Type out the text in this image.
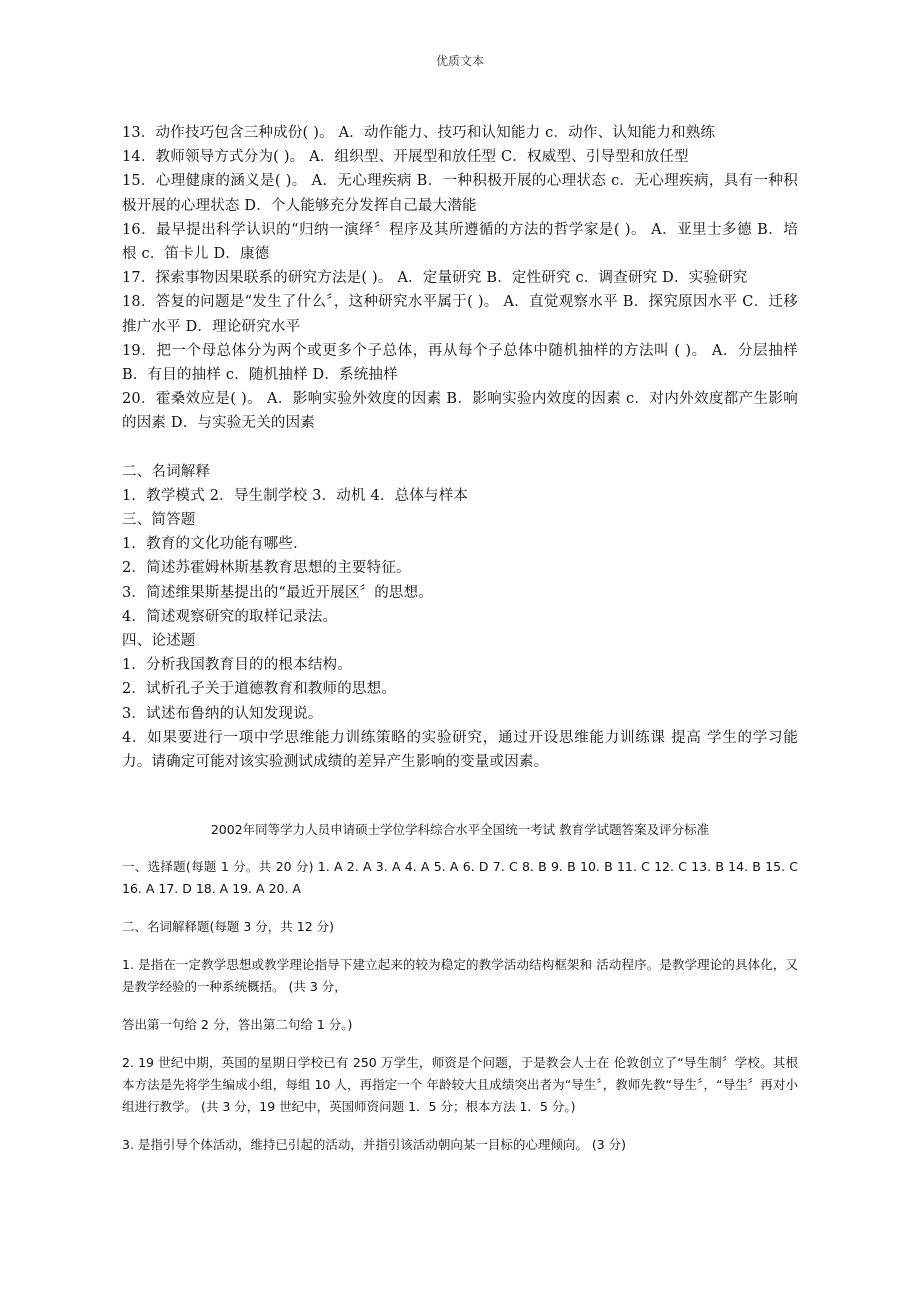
优质文本

13．动作技巧包含三种成份( )。 A．动作能力、技巧和认知能力 c．动作、认知能力和熟练

14．教师领导方式分为( )。 A．组织型、开展型和放任型 C．权威型、引导型和放任型

15．心理健康的涵义是( )。 A．无心理疾病 B．一种积极开展的心理状态 c．无心理疾病，具有一种积极开展的心理状态 D．个人能够充分发挥自己最大潜能

16．最早提出科学认识的“归纳一演绎〞程序及其所遵循的方法的哲学家是( )。 A．亚里士多德 B．培根 c．笛卡儿 D．康德

17．探索事物因果联系的研究方法是( )。 A．定量研究 B．定性研究 c．调查研究 D．实验研究

18．答复的问题是“发生了什么〞，这种研究水平属于( )。 A．直觉观察水平 B．探究原因水平 C．迁移推广水平 D．理论研究水平

19．把一个母总体分为两个或更多个子总体，再从每个子总体中随机抽样的方法叫 ( )。 A．分层抽样 B．有目的抽样 c．随机抽样 D．系统抽样

20．霍桑效应是( )。 A．影响实验外效度的因素 B．影响实验内效度的因素 c．对内外效度都产生影响的因素 D．与实验无关的因素

二、名词解释

1．教学模式 2．导生制学校 3．动机 4．总体与样本

三、简答题

1．教育的文化功能有哪些.

2．简述苏霍姆林斯基教育思想的主要特征。

3．简述维果斯基提出的“最近开展区〞的思想。

4．简述观察研究的取样记录法。

四、论述题

1．分析我国教育目的的根本结构。

2．试析孔子关于道德教育和教师的思想。

3．试述布鲁纳的认知发现说。

4．如果要进行一项中学思维能力训练策略的实验研究，通过开设思维能力训练课 提高 学生的学习能力。请确定可能对该实验测试成绩的差异产生影响的变量或因素。

2002年同等学力人员申请硕士学位学科综合水平全国统一考试 教育学试题答案及评分标准

一、选择题(每题 1 分。共 20 分) 1. A 2. A 3. A 4. A 5. A 6. D 7. C 8. B 9. B 10. B 11. C 12. C 13. B 14. B 15. C 16. A 17. D 18. A 19. A 20. A

二、名词解释题(每题 3 分，共 12 分)

1. 是指在一定教学思想或教学理论指导下建立起来的较为稳定的教学活动结构框架和 活动程序。是教学理论的具体化，又是教学经验的一种系统概括。 (共 3 分，

答出第一句给 2 分，答出第二句给 1 分。)

2. 19 世纪中期，英国的星期日学校已有 250 万学生，师资是个问题，于是教会人士在 伦敦创立了“导生制〞学校。其根本方法是先将学生编成小组，每组 10 人，再指定一个 年龄较大且成绩突出者为“导生〞，教师先教“导生〞，“导生〞再对小组进行教学。 (共 3 分，19 世纪中，英国师资问题 1．5 分；根本方法 1．5 分。)

3. 是指引导个体活动，维持已引起的活动，并指引该活动朝向某一目标的心理倾向。 (3 分)
